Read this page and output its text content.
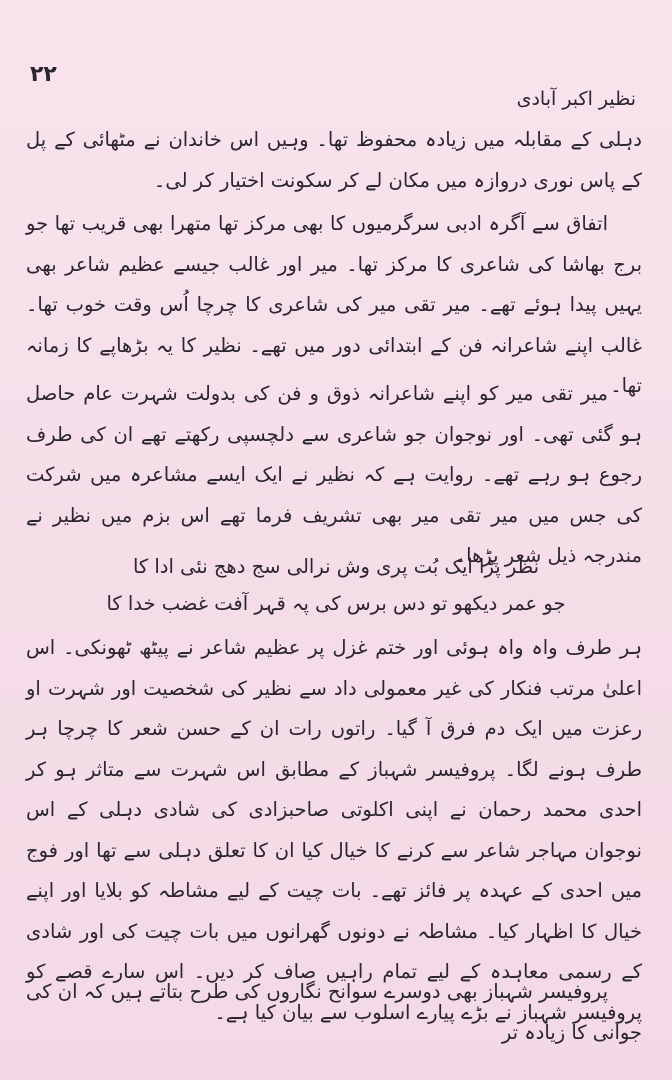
۲۲
نظیر اکبر آبادی

دہلی کے مقابلہ میں زیادہ محفوظ تھا۔ وہیں اس خاندان نے مٹھائی کے پل کے پاس نوری دروازہ میں مکان لے کر سکونت اختیار کر لی۔

اتفاق سے آگرہ ادبی سرگرمیوں کا بھی مرکز تھا متھرا بھی قریب تھا جو برج بھاشا کی شاعری کا مرکز تھا۔ میر اور غالب جیسے عظیم شاعر بھی یہیں پیدا ہوئے تھے۔ میر تقی میر کی شاعری کا چرچا اُس وقت خوب تھا۔ غالب اپنے شاعرانہ فن کے ابتدائی دور میں تھے۔ نظیر کا یہ بڑھاپے کا زمانہ تھا۔

میر تقی میر کو اپنے شاعرانہ ذوق و فن کی بدولت شہرت عام حاصل ہو گئی تھی۔ اور نوجوان جو شاعری سے دلچسپی رکھتے تھے ان کی طرف رجوع ہو رہے تھے۔ روایت ہے کہ نظیر نے ایک ایسے مشاعرہ میں شرکت کی جس میں میر تقی میر بھی تشریف فرما تھے اس بزم میں نظیر نے مندرجہ ذیل شعر پڑھا۔

نظر پڑا ایک بُت پری وش نرالی سج دھج نئی ادا کا
جو عمر دیکھو تو دس برس کی پہ قہر آفت غضب خدا کا

ہر طرف واہ واہ ہوئی اور ختم غزل پر عظیم شاعر نے پیٹھ ٹھونکی۔ اس اعلیٰ مرتب فنکار کی غیر معمولی داد سے نظیر کی شخصیت اور شہرت او رعزت میں ایک دم فرق آ گیا۔ راتوں رات ان کے حسن شعر کا چرچا ہر طرف ہونے لگا۔ پروفیسر شہباز کے مطابق اس شہرت سے متاثر ہو کر احدی محمد رحمان نے اپنی اکلوتی صاحبزادی کی شادی دہلی کے اس نوجوان مہاجر شاعر سے کرنے کا خیال کیا ان کا تعلق دہلی سے تھا اور فوج میں احدی کے عہدہ پر فائز تھے۔ بات چیت کے لیے مشاطہ کو بلایا اور اپنے خیال کا اظہار کیا۔ مشاطہ نے دونوں گھرانوں میں بات چیت کی اور شادی کے رسمی معاہدہ کے لیے تمام راہیں صاف کر دیں۔ اس سارے قصے کو پروفیسر شہباز نے بڑے پیارے اسلوب سے بیان کیا ہے۔

پروفیسر شہباز بھی دوسرے سوانح نگاروں کی طرح بتاتے ہیں کہ ان کی جوانی کا زیادہ تر
